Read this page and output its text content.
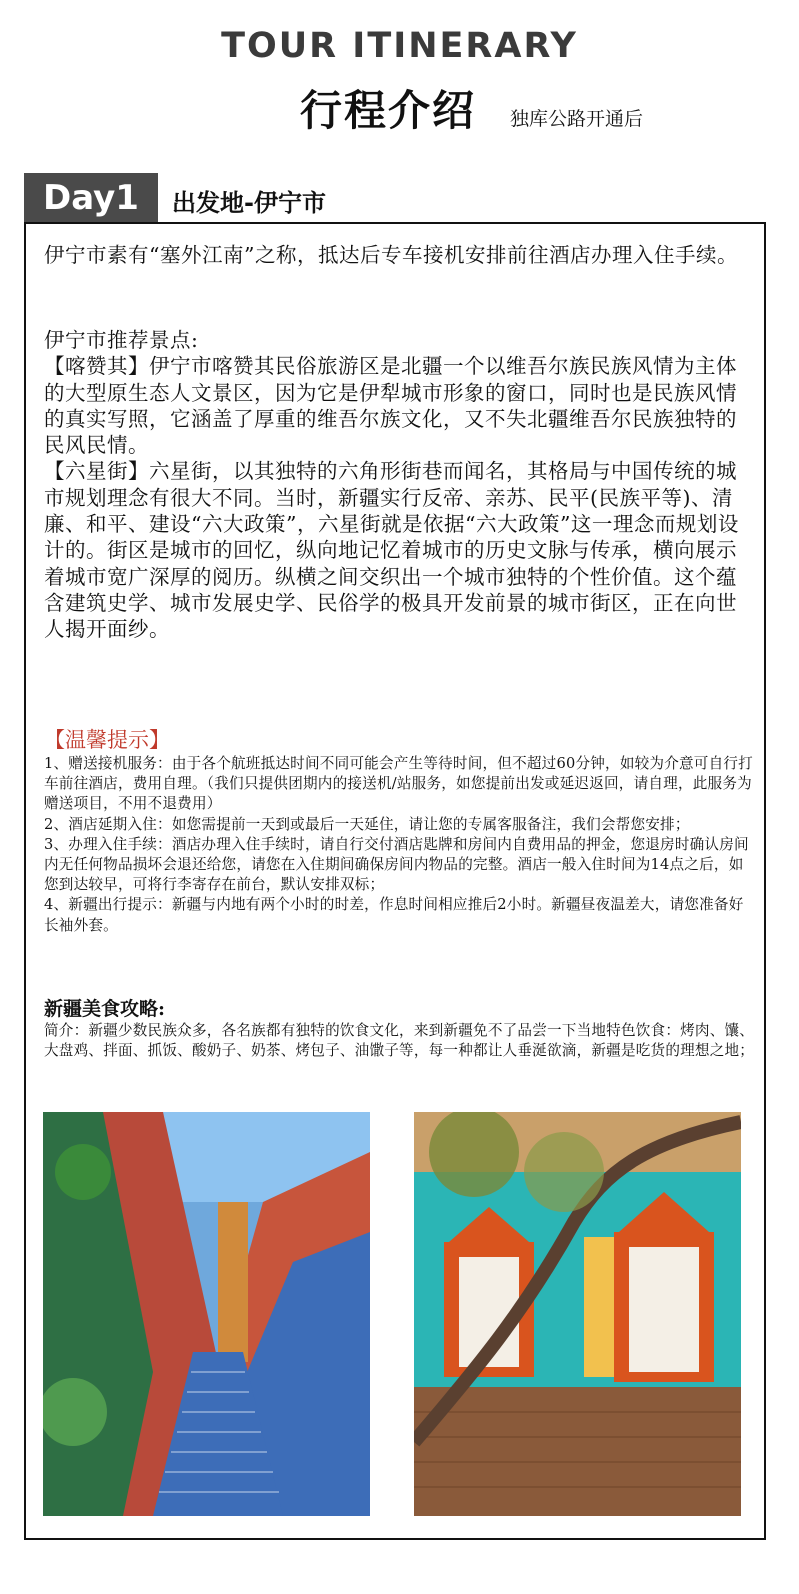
TOUR ITINERARY
行程介绍 独库公路开通后
Day1	出发地-伊宁市

伊宁市素有“塞外江南”之称，抵达后专车接机安排前往酒店办理入住手续。

伊宁市推荐景点:

【喀赞其】伊宁市喀赞其民俗旅游区是北疆一个以维吾尔族民族风情为主体的大型原生态人文景区，因为它是伊犁城市形象的窗口，同时也是民族风情的真实写照，它涵盖了厚重的维吾尔族文化，又不失北疆维吾尔民族独特的民风民情。

【六星街】六星街，以其独特的六角形街巷而闻名，其格局与中国传统的城市规划理念有很大不同。当时，新疆实行反帝、亲苏、民平(民族平等)、清廉、和平、建设“六大政策”，六星街就是依据“六大政策”这一理念而规划设计的。街区是城市的回忆，纵向地记忆着城市的历史文脉与传承，横向展示着城市宽广深厚的阅历。纵横之间交织出一个城市独特的个性价值。这个蕴含建筑史学、城市发展史学、民俗学的极具开发前景的城市街区，正在向世人揭开面纱。

【温馨提示】

1、赠送接机服务：由于各个航班抵达时间不同可能会产生等待时间，但不超过60分钟，如较为介意可自行打车前往酒店，费用自理。（我们只提供团期内的接送机/站服务，如您提前出发或延迟返回，请自理，此服务为赠送项目，不用不退费用）

2、酒店延期入住：如您需提前一天到或最后一天延住，请让您的专属客服备注，我们会帮您安排；

3、办理入住手续：酒店办理入住手续时，请自行交付酒店匙牌和房间内自费用品的押金，您退房时确认房间内无任何物品损坏会退还给您，请您在入住期间确保房间内物品的完整。酒店一般入住时间为14点之后，如您到达较早，可将行李寄存在前台，默认安排双标；

4、新疆出行提示：新疆与内地有两个小时的时差，作息时间相应推后2小时。新疆昼夜温差大，请您准备好长袖外套。

新疆美食攻略:

简介：新疆少数民族众多，各名族都有独特的饮食文化，来到新疆免不了品尝一下当地特色饮食：烤肉、馕、大盘鸡、拌面、抓饭、酸奶子、奶茶、烤包子、油馓子等，每一种都让人垂涎欲滴，新疆是吃货的理想之地；
